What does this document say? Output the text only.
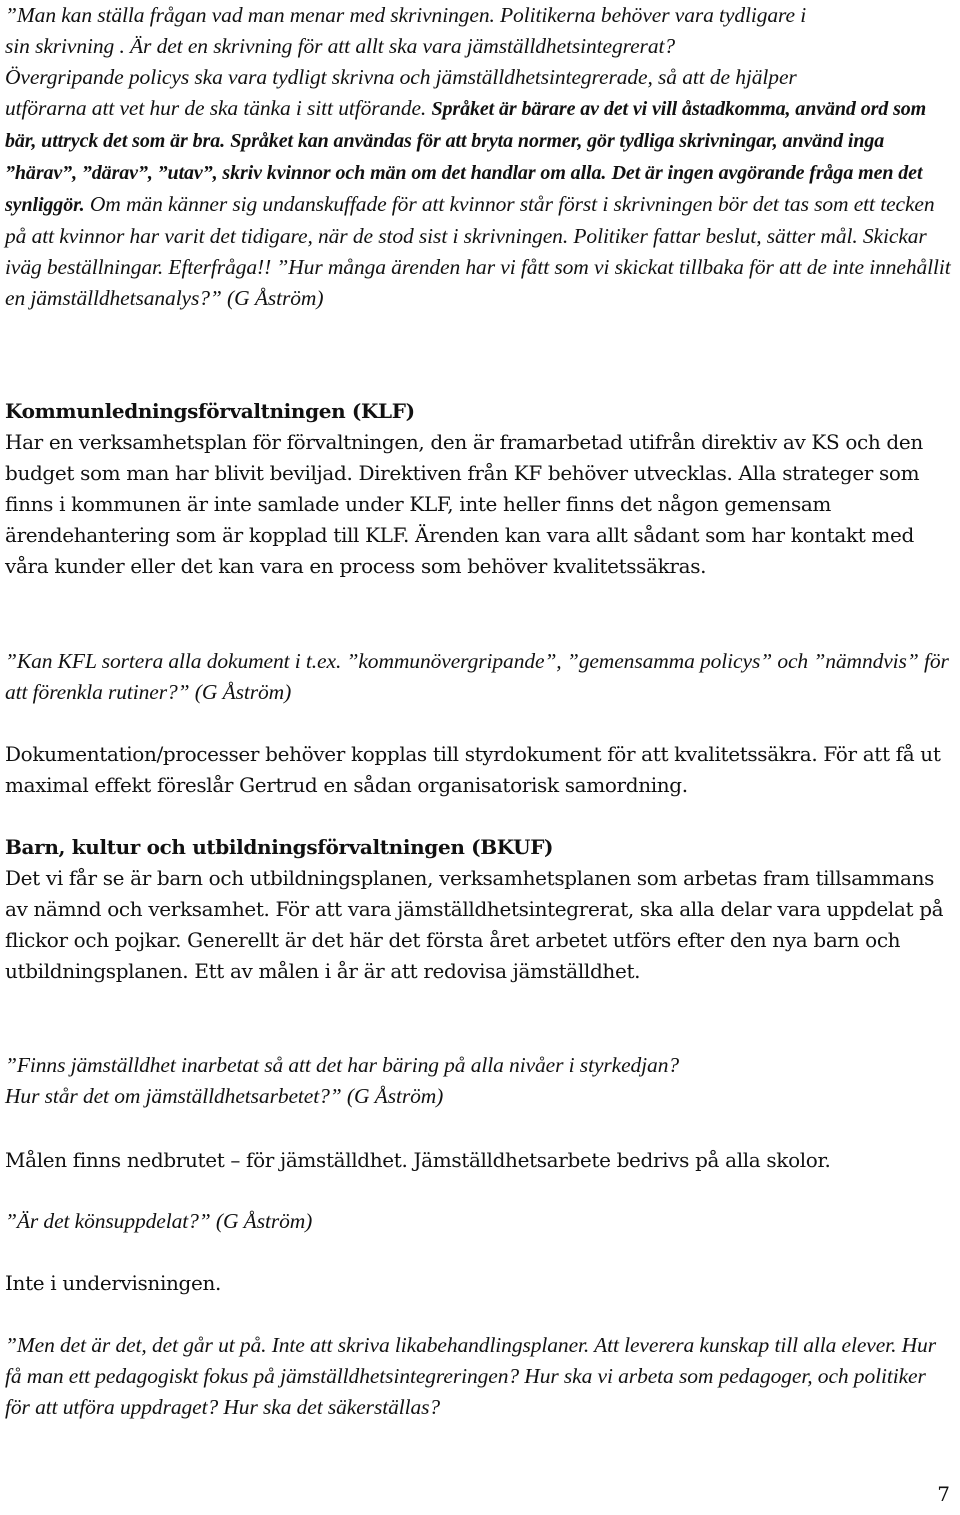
”Man kan ställa frågan vad man menar med skrivningen. Politikerna behöver vara tydligare i
sin skrivning . Är det en skrivning för att allt ska vara jämställdhetsintegrerat?
Övergripande policys ska vara tydligt skrivna och jämställdhetsintegrerade, så att de hjälper
utförarna att vet hur de ska tänka i sitt utförande. Språket är bärare av det vi vill åstadkomma, använd ord som bär, uttryck det som är bra. Språket kan användas för att bryta normer, gör tydliga skrivningar, använd inga ”härav”, ”därav”, ”utav”, skriv kvinnor och män om det handlar om alla. Det är ingen avgörande fråga men det synliggör. Om män känner sig undanskuffade för att kvinnor står först i skrivningen bör det tas som ett tecken på att kvinnor har varit det tidigare, när de stod sist i skrivningen. Politiker fattar beslut, sätter mål. Skickar iväg beställningar. Efterfråga!! ”Hur många ärenden har vi fått som vi skickat tillbaka för att de inte innehållit en jämställdhetsanalys?” (G Åström)
Kommunledningsförvaltningen (KLF)
Har en verksamhetsplan för förvaltningen, den är framarbetad utifrån direktiv av KS och den budget som man har blivit beviljad. Direktiven från KF behöver utvecklas. Alla strateger som finns i kommunen är inte samlade under KLF, inte heller finns det någon gemensam ärendehantering som är kopplad till KLF. Ärenden kan vara allt sådant som har kontakt med våra kunder eller det kan vara en process som behöver kvalitetssäkras.
”Kan KFL sortera alla dokument i t.ex. ”kommunövergripande”, ”gemensamma policys” och ”nämndvis” för att förenkla rutiner?” (G Åström)
Dokumentation/processer behöver kopplas till styrdokument för att kvalitetssäkra. För att få ut maximal effekt föreslår Gertrud en sådan organisatorisk samordning.
Barn, kultur och utbildningsförvaltningen (BKUF)
Det vi får se är barn och utbildningsplanen, verksamhetsplanen som arbetas fram tillsammans av nämnd och verksamhet. För att vara jämställdhetsintegrerat, ska alla delar vara uppdelat på flickor och pojkar. Generellt är det här det första året arbetet utförs efter den nya barn och utbildningsplanen. Ett av målen i år är att redovisa jämställdhet.
”Finns jämställdhet inarbetat så att det har bäring på alla nivåer i styrkedjan?
Hur står det om jämställdhetsarbetet?” (G Åström)
Målen finns nedbrutet – för jämställdhet. Jämställdhetsarbete bedrivs på alla skolor.
”Är det könsuppdelat?” (G Åström)
Inte i undervisningen.
”Men det är det, det går ut på. Inte att skriva likabehandlingsplaner. Att leverera kunskap till alla elever. Hur få man ett pedagogiskt fokus på jämställdhetsintegreringen? Hur ska vi arbeta som pedagoger, och politiker för att utföra uppdraget? Hur ska det säkerställas?
7
